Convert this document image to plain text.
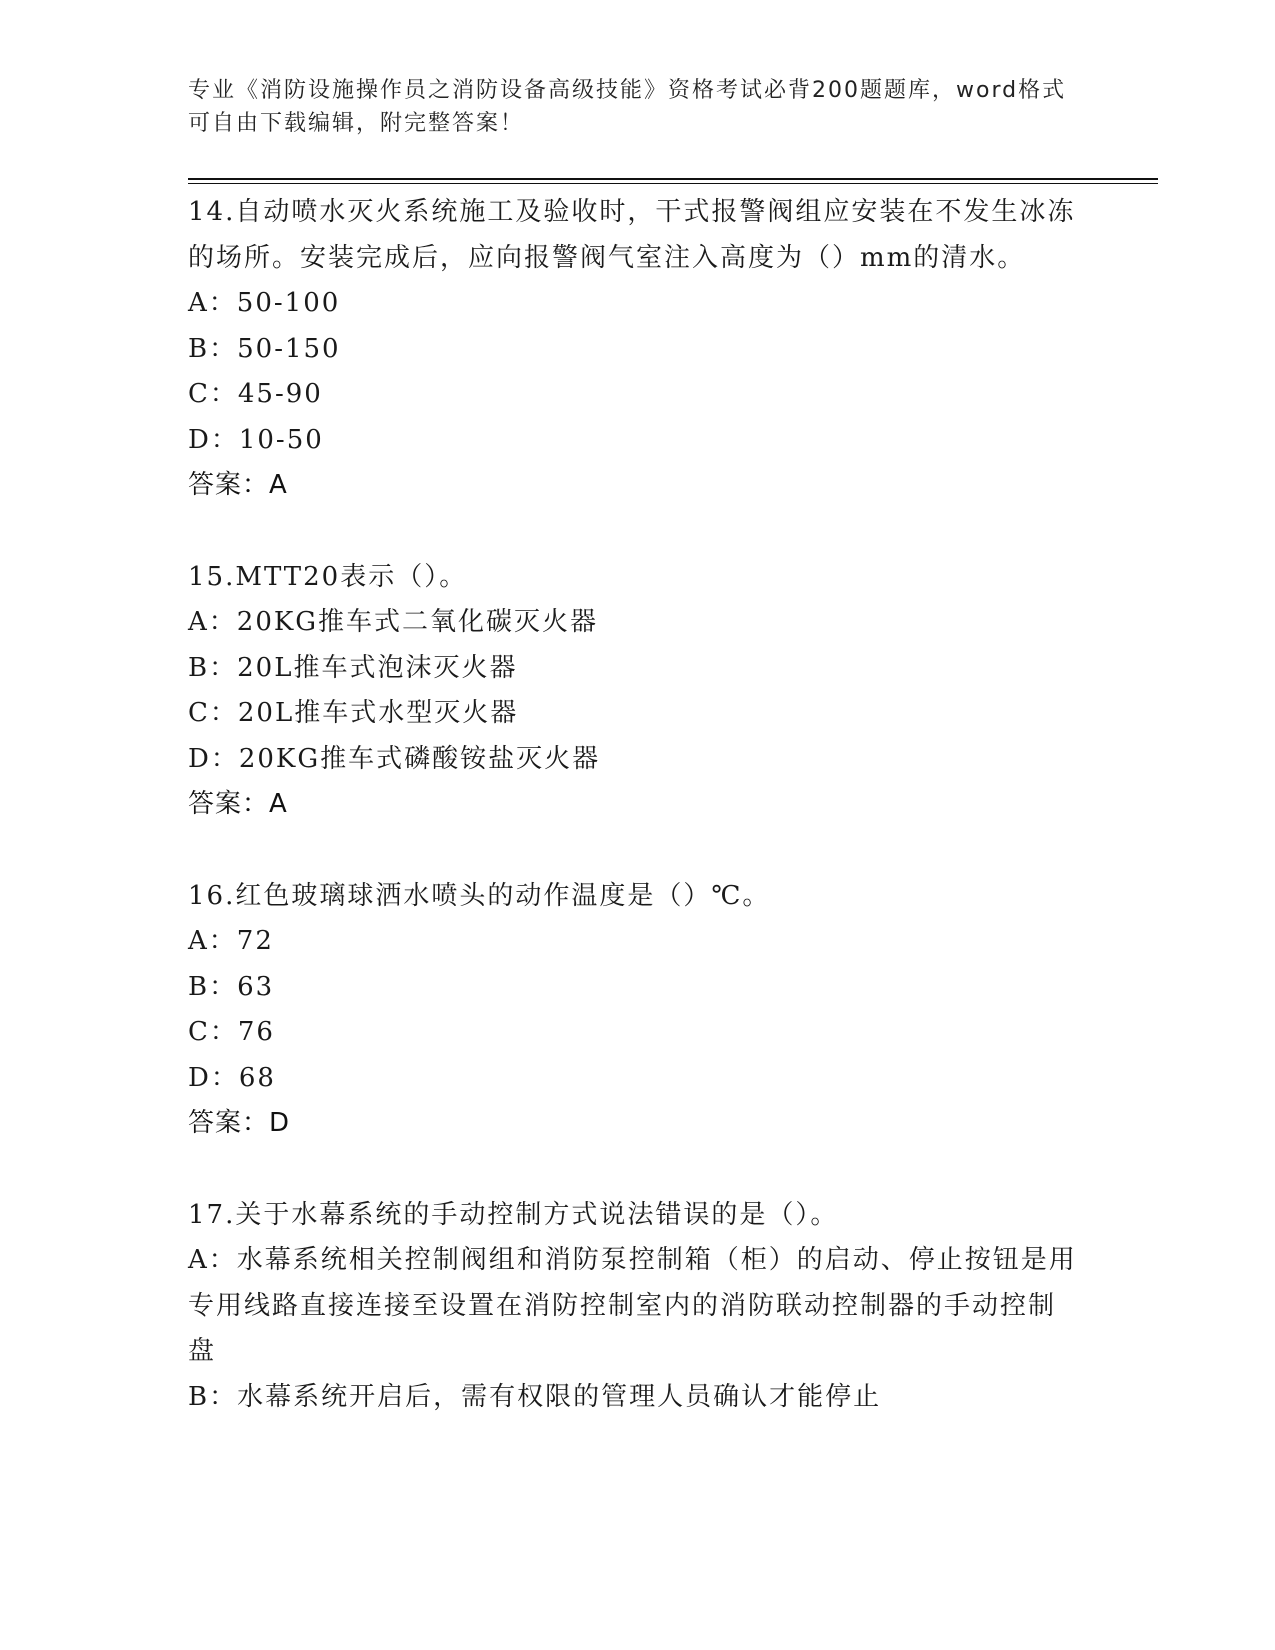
专业《消防设施操作员之消防设备高级技能》资格考试必背200题题库，word格式可自由下载编辑，附完整答案！

14.自动喷水灭火系统施工及验收时，干式报警阀组应安装在不发生冰冻的场所。安装完成后，应向报警阀气室注入高度为（）mm的清水。

A：50-100

B：50-150

C：45-90

D：10-50

答案：A

15.MTT20表示（）。

A：20KG推车式二氧化碳灭火器

B：20L推车式泡沫灭火器

C：20L推车式水型灭火器

D：20KG推车式磷酸铵盐灭火器

答案：A

16.红色玻璃球洒水喷头的动作温度是（）℃。

A：72

B：63

C：76

D：68

答案：D

17.关于水幕系统的手动控制方式说法错误的是（）。

A：水幕系统相关控制阀组和消防泵控制箱（柜）的启动、停止按钮是用专用线路直接连接至设置在消防控制室内的消防联动控制器的手动控制盘

B：水幕系统开启后，需有权限的管理人员确认才能停止
